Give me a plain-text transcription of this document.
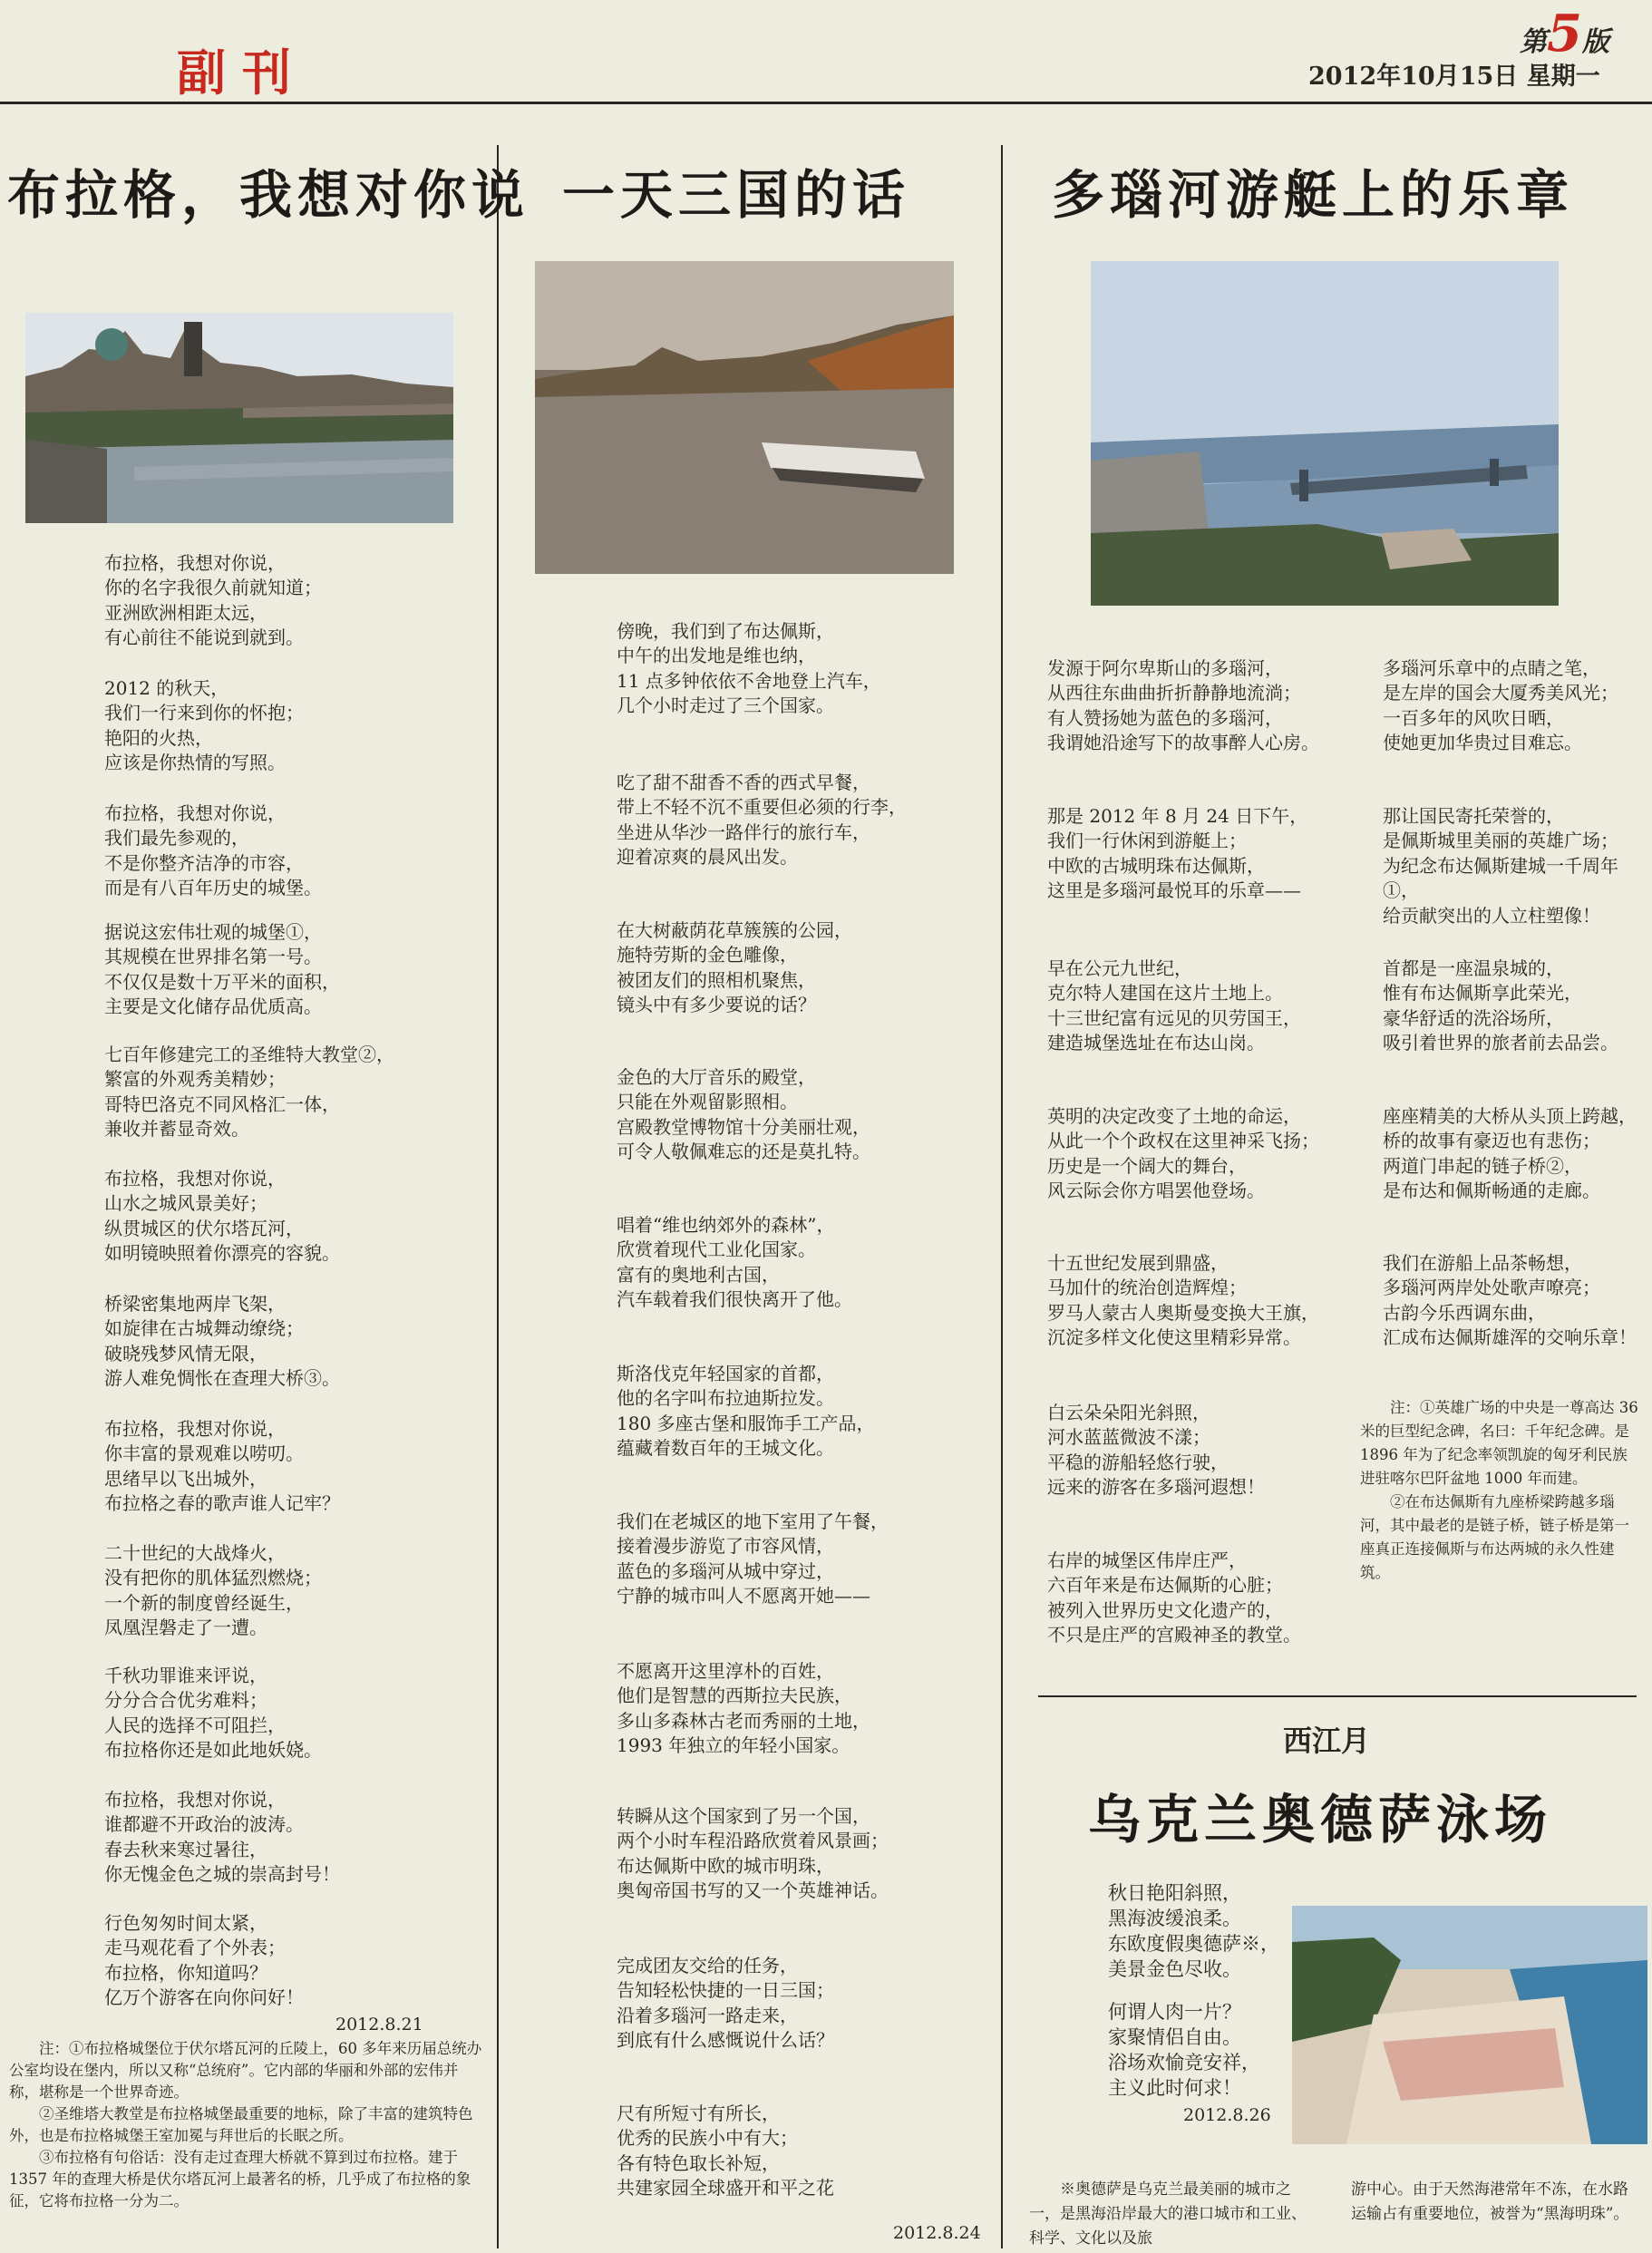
副刊
第5版
2012年10月15日 星期一
布拉格，我想对你说
布拉格，我想对你说，
你的名字我很久前就知道；
亚洲欧洲相距太远，
有心前往不能说到就到。
2012 的秋天，
我们一行来到你的怀抱；
艳阳的火热，
应该是你热情的写照。
布拉格，我想对你说，
我们最先参观的，
不是你整齐洁净的市容，
而是有八百年历史的城堡。
据说这宏伟壮观的城堡①，
其规模在世界排名第一号。
不仅仅是数十万平米的面积，
主要是文化储存品优质高。
七百年修建完工的圣维特大教堂②，
繁富的外观秀美精妙；
哥特巴洛克不同风格汇一体，
兼收并蓄显奇效。
布拉格，我想对你说，
山水之城风景美好；
纵贯城区的伏尔塔瓦河，
如明镜映照着你漂亮的容貌。
桥梁密集地两岸飞架，
如旋律在古城舞动缭绕；
破晓残梦风情无限，
游人难免惆怅在查理大桥③。
布拉格，我想对你说，
你丰富的景观难以唠叨。
思绪早以飞出城外，
布拉格之春的歌声谁人记牢？
二十世纪的大战烽火，
没有把你的肌体猛烈燃烧；
一个新的制度曾经诞生，
凤凰涅磐走了一遭。
千秋功罪谁来评说，
分分合合优劣难料；
人民的选择不可阻拦，
布拉格你还是如此地妖娆。
布拉格，我想对你说，
谁都避不开政治的波涛。
春去秋来寒过暑往，
你无愧金色之城的崇高封号！
行色匆匆时间太紧，
走马观花看了个外表；
布拉格，你知道吗？
亿万个游客在向你问好！
2012.8.21

注：①布拉格城堡位于伏尔塔瓦河的丘陵上，60 多年来历届总统办公室均设在堡内，所以又称“总统府”。它内部的华丽和外部的宏伟并称，堪称是一个世界奇迹。

②圣维塔大教堂是布拉格城堡最重要的地标，除了丰富的建筑特色外，也是布拉格城堡王室加冕与拜世后的长眠之所。

③布拉格有句俗话：没有走过查理大桥就不算到过布拉格。建于 1357 年的查理大桥是伏尔塔瓦河上最著名的桥，几乎成了布拉格的象征，它将布拉格一分为二。

一天三国的话
傍晚，我们到了布达佩斯，
中午的出发地是维也纳，
11 点多钟依依不舍地登上汽车，
几个小时走过了三个国家。
吃了甜不甜香不香的西式早餐，
带上不轻不沉不重要但必须的行李，
坐进从华沙一路伴行的旅行车，
迎着凉爽的晨风出发。
在大树蔽荫花草簇簇的公园，
施特劳斯的金色雕像，
被团友们的照相机聚焦，
镜头中有多少要说的话？
金色的大厅音乐的殿堂，
只能在外观留影照相。
宫殿教堂博物馆十分美丽壮观，
可令人敬佩难忘的还是莫扎特。
唱着“维也纳郊外的森林”，
欣赏着现代工业化国家。
富有的奥地利古国，
汽车载着我们很快离开了他。
斯洛伐克年轻国家的首都，
他的名字叫布拉迪斯拉发。
180 多座古堡和服饰手工产品，
蕴藏着数百年的王城文化。
我们在老城区的地下室用了午餐，
接着漫步游览了市容风情，
蓝色的多瑙河从城中穿过，
宁静的城市叫人不愿离开她——
不愿离开这里淳朴的百姓，
他们是智慧的西斯拉夫民族，
多山多森林古老而秀丽的土地，
1993 年独立的年轻小国家。
转瞬从这个国家到了另一个国，
两个小时车程沿路欣赏着风景画；
布达佩斯中欧的城市明珠，
奥匈帝国书写的又一个英雄神话。
完成团友交给的任务，
告知轻松快捷的一日三国；
沿着多瑙河一路走来，
到底有什么感慨说什么话？
尺有所短寸有所长，
优秀的民族小中有大；
各有特色取长补短，
共建家园全球盛开和平之花
2012.8.24
多瑙河游艇上的乐章
发源于阿尔卑斯山的多瑙河，
从西往东曲曲折折静静地流淌；
有人赞扬她为蓝色的多瑙河，
我谓她沿途写下的故事醉人心房。
那是 2012 年 8 月 24 日下午，
我们一行休闲到游艇上；
中欧的古城明珠布达佩斯，
这里是多瑙河最悦耳的乐章——
早在公元九世纪，
克尔特人建国在这片土地上。
十三世纪富有远见的贝劳国王，
建造城堡选址在布达山岗。
英明的决定改变了土地的命运，
从此一个个政权在这里神采飞扬；
历史是一个阔大的舞台，
风云际会你方唱罢他登场。
十五世纪发展到鼎盛，
马加什的统治创造辉煌；
罗马人蒙古人奥斯曼变换大王旗，
沉淀多样文化使这里精彩异常。
白云朵朵阳光斜照，
河水蓝蓝微波不漾；
平稳的游船轻悠行驶，
远来的游客在多瑙河遐想！
右岸的城堡区伟岸庄严，
六百年来是布达佩斯的心脏；
被列入世界历史文化遗产的，
不只是庄严的宫殿神圣的教堂。
多瑙河乐章中的点睛之笔，
是左岸的国会大厦秀美风光；
一百多年的风吹日晒，
使她更加华贵过目难忘。
那让国民寄托荣誉的，
是佩斯城里美丽的英雄广场；
为纪念布达佩斯建城一千周年①，
给贡献突出的人立柱塑像！
首都是一座温泉城的，
惟有布达佩斯享此荣光，
豪华舒适的洗浴场所，
吸引着世界的旅者前去品尝。
座座精美的大桥从头顶上跨越，
桥的故事有豪迈也有悲伤；
两道门串起的链子桥②，
是布达和佩斯畅通的走廊。
我们在游船上品茶畅想，
多瑙河两岸处处歌声嘹亮；
古韵今乐西调东曲，
汇成布达佩斯雄浑的交响乐章！

注：①英雄广场的中央是一尊高达 36 米的巨型纪念碑，名曰：千年纪念碑。是 1896 年为了纪念率领凯旋的匈牙利民族进驻喀尔巴阡盆地 1000 年而建。

②在布达佩斯有九座桥梁跨越多瑙河，其中最老的是链子桥，链子桥是第一座真正连接佩斯与布达两城的永久性建筑。

西江月
乌克兰奥德萨泳场
秋日艳阳斜照，
黑海波缓浪柔。
东欧度假奥德萨※，
美景金色尽收。
何谓人肉一片？
家聚情侣自由。
浴场欢愉竞安祥，
主义此时何求！
2012.8.26
※奥德萨是乌克兰最美丽的城市之一，是黑海沿岸最大的港口城市和工业、科学、文化以及旅
游中心。由于天然海港常年不冻，在水路运输占有重要地位，被誉为“黑海明珠”。
